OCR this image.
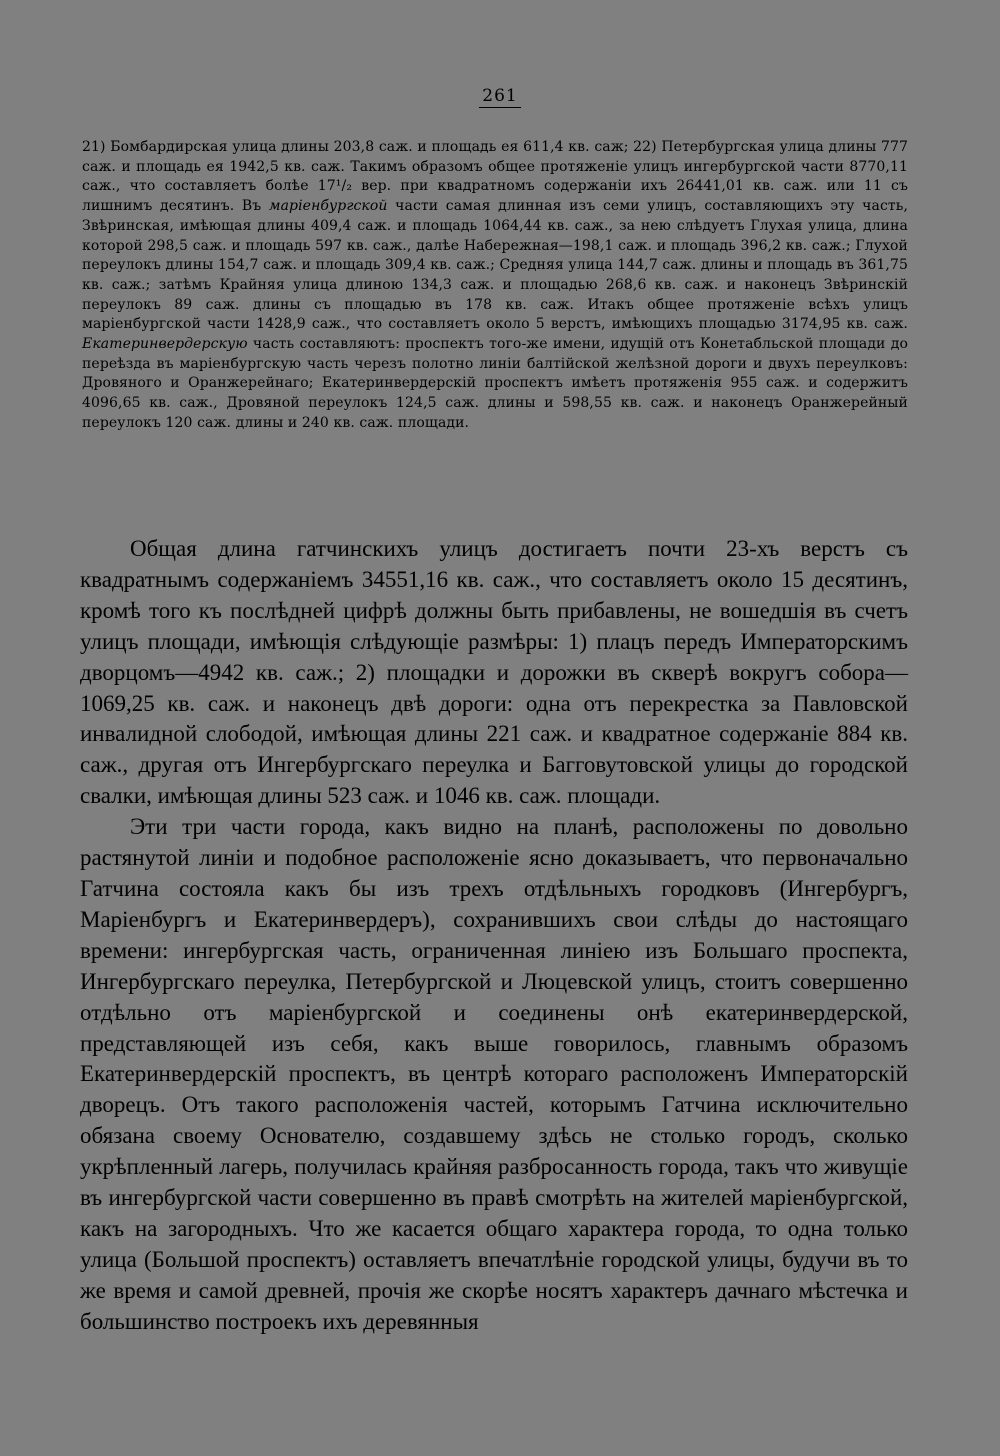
261

21) Бомбардирская улица длины 203,8 саж. и площадь ея 611,4 кв. саж; 22) Петербургская улица длины 777 саж. и площадь ея 1942,5 кв. саж. Такимъ образомъ общее протяженіе улицъ ингербургской части 8770,11 саж., что составляетъ болѣе 17¹/₂ вер. при квадратномъ содержаніи ихъ 26441,01 кв. саж. или 11 съ лишнимъ десятинъ. Въ маріенбургской части самая длинная изъ семи улицъ, составляющихъ эту часть, Звѣринская, имѣющая длины 409,4 саж. и площадь 1064,44 кв. саж., за нею слѣдуетъ Глухая улица, длина которой 298,5 саж. и площадь 597 кв. саж., далѣе Набережная—198,1 саж. и площадь 396,2 кв. саж.; Глухой переулокъ длины 154,7 саж. и площадь 309,4 кв. саж.; Средняя улица 144,7 саж. длины и площадь въ 361,75 кв. саж.; затѣмъ Крайняя улица длиною 134,3 саж. и площадью 268,6 кв. саж. и наконецъ Звѣринскій переулокъ 89 саж. длины съ площадью въ 178 кв. саж. Итакъ общее протяженіе всѣхъ улицъ маріенбургской части 1428,9 саж., что составляетъ около 5 верстъ, имѣющихъ площадью 3174,95 кв. саж. Екатеринвердерскую часть составляютъ: проспектъ того-же имени, идущій отъ Конетабльской площади до переѣзда въ маріенбургскую часть черезъ полотно линіи балтійской желѣзной дороги и двухъ переулковъ: Дровяного и Оранжерейнаго; Екатеринвердерскій проспектъ имѣетъ протяженія 955 саж. и содержитъ 4096,65 кв. саж., Дровяной переулокъ 124,5 саж. длины и 598,55 кв. саж. и наконецъ Оранжерейный переулокъ 120 саж. длины и 240 кв. саж. площади.

Общая длина гатчинскихъ улицъ достигаетъ почти 23-хъ верстъ съ квадратнымъ содержаніемъ 34551,16 кв. саж., что составляетъ около 15 десятинъ, кромѣ того къ послѣдней цифрѣ должны быть прибавлены, не вошедшія въ счетъ улицъ площади, имѣющія слѣдующіе размѣры: 1) плацъ передъ Императорскимъ дворцомъ—4942 кв. саж.; 2) площадки и дорожки въ скверѣ вокругъ собора—1069,25 кв. саж. и наконецъ двѣ дороги: одна отъ перекрестка за Павловской инвалидной слободой, имѣющая длины 221 саж. и квадратное содержаніе 884 кв. саж., другая отъ Ингербургскаго переулка и Багговутовской улицы до городской свалки, имѣющая длины 523 саж. и 1046 кв. саж. площади.

Эти три части города, какъ видно на планѣ, расположены по довольно растянутой линіи и подобное расположеніе ясно доказываетъ, что первоначально Гатчина состояла какъ бы изъ трехъ отдѣльныхъ городковъ (Ингербургъ, Маріенбургъ и Екатеринвердеръ), сохранившихъ свои слѣды до настоящаго времени: ингербургская часть, ограниченная линіею изъ Большаго проспекта, Ингербургскаго переулка, Петербургской и Люцевской улицъ, стоитъ совершенно отдѣльно отъ маріенбургской и соединены онѣ екатеринвердерской, представляющей изъ себя, какъ выше говорилось, главнымъ образомъ Екатеринвердерскій проспектъ, въ центрѣ котораго расположенъ Императорскій дворецъ. Отъ такого расположенія частей, которымъ Гатчина исключительно обязана своему Основателю, создавшему здѣсь не столько городъ, сколько укрѣпленный лагерь, получилась крайняя разбросанность города, такъ что живущіе въ ингербургской части совершенно въ правѣ смотрѣть на жителей маріенбургской, какъ на загородныхъ. Что же касается общаго характера города, то одна только улица (Большой проспектъ) оставляетъ впечатлѣніе городской улицы, будучи въ то же время и самой древней, прочія же скорѣе носятъ характеръ дачнаго мѣстечка и большинство построекъ ихъ деревянныя
